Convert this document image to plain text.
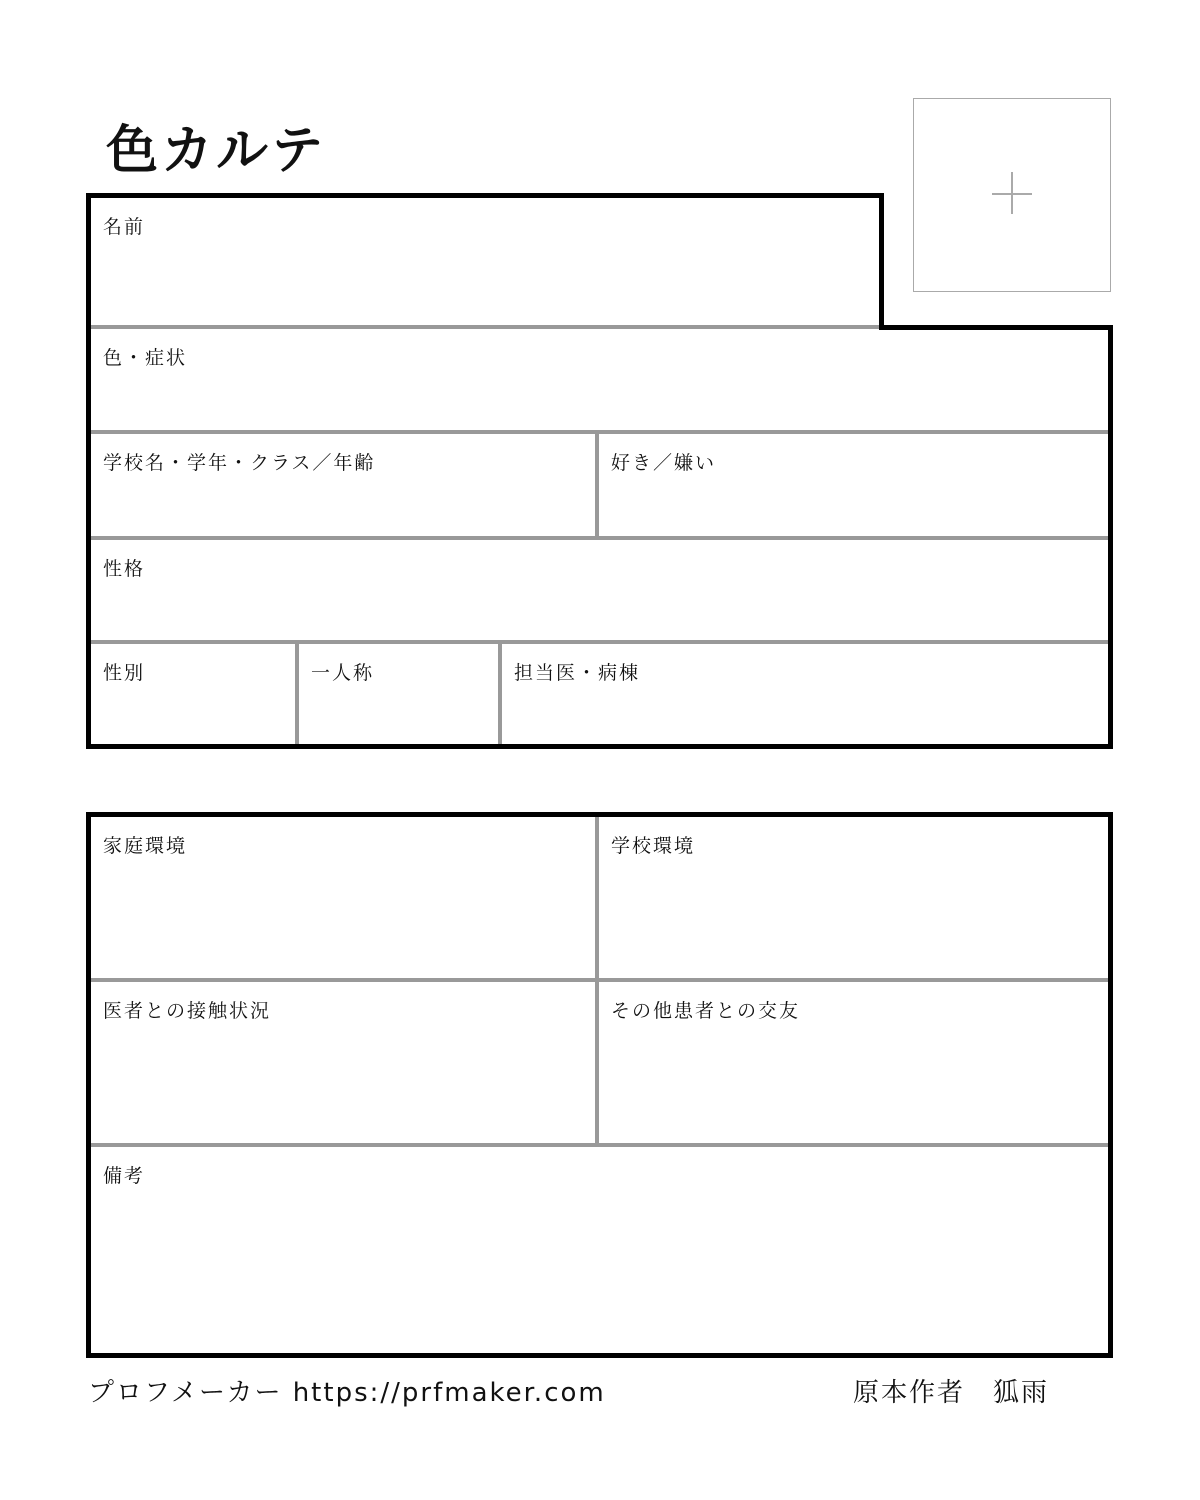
色カルテ
名前
色・症状
学校名・学年・クラス／年齢	好き／嫌い
性格
性別	一人称	担当医・病棟
家庭環境	学校環境
医者との接触状況	その他患者との交友
備考
プロフメーカー https://prfmaker.com	原本作者　狐雨
